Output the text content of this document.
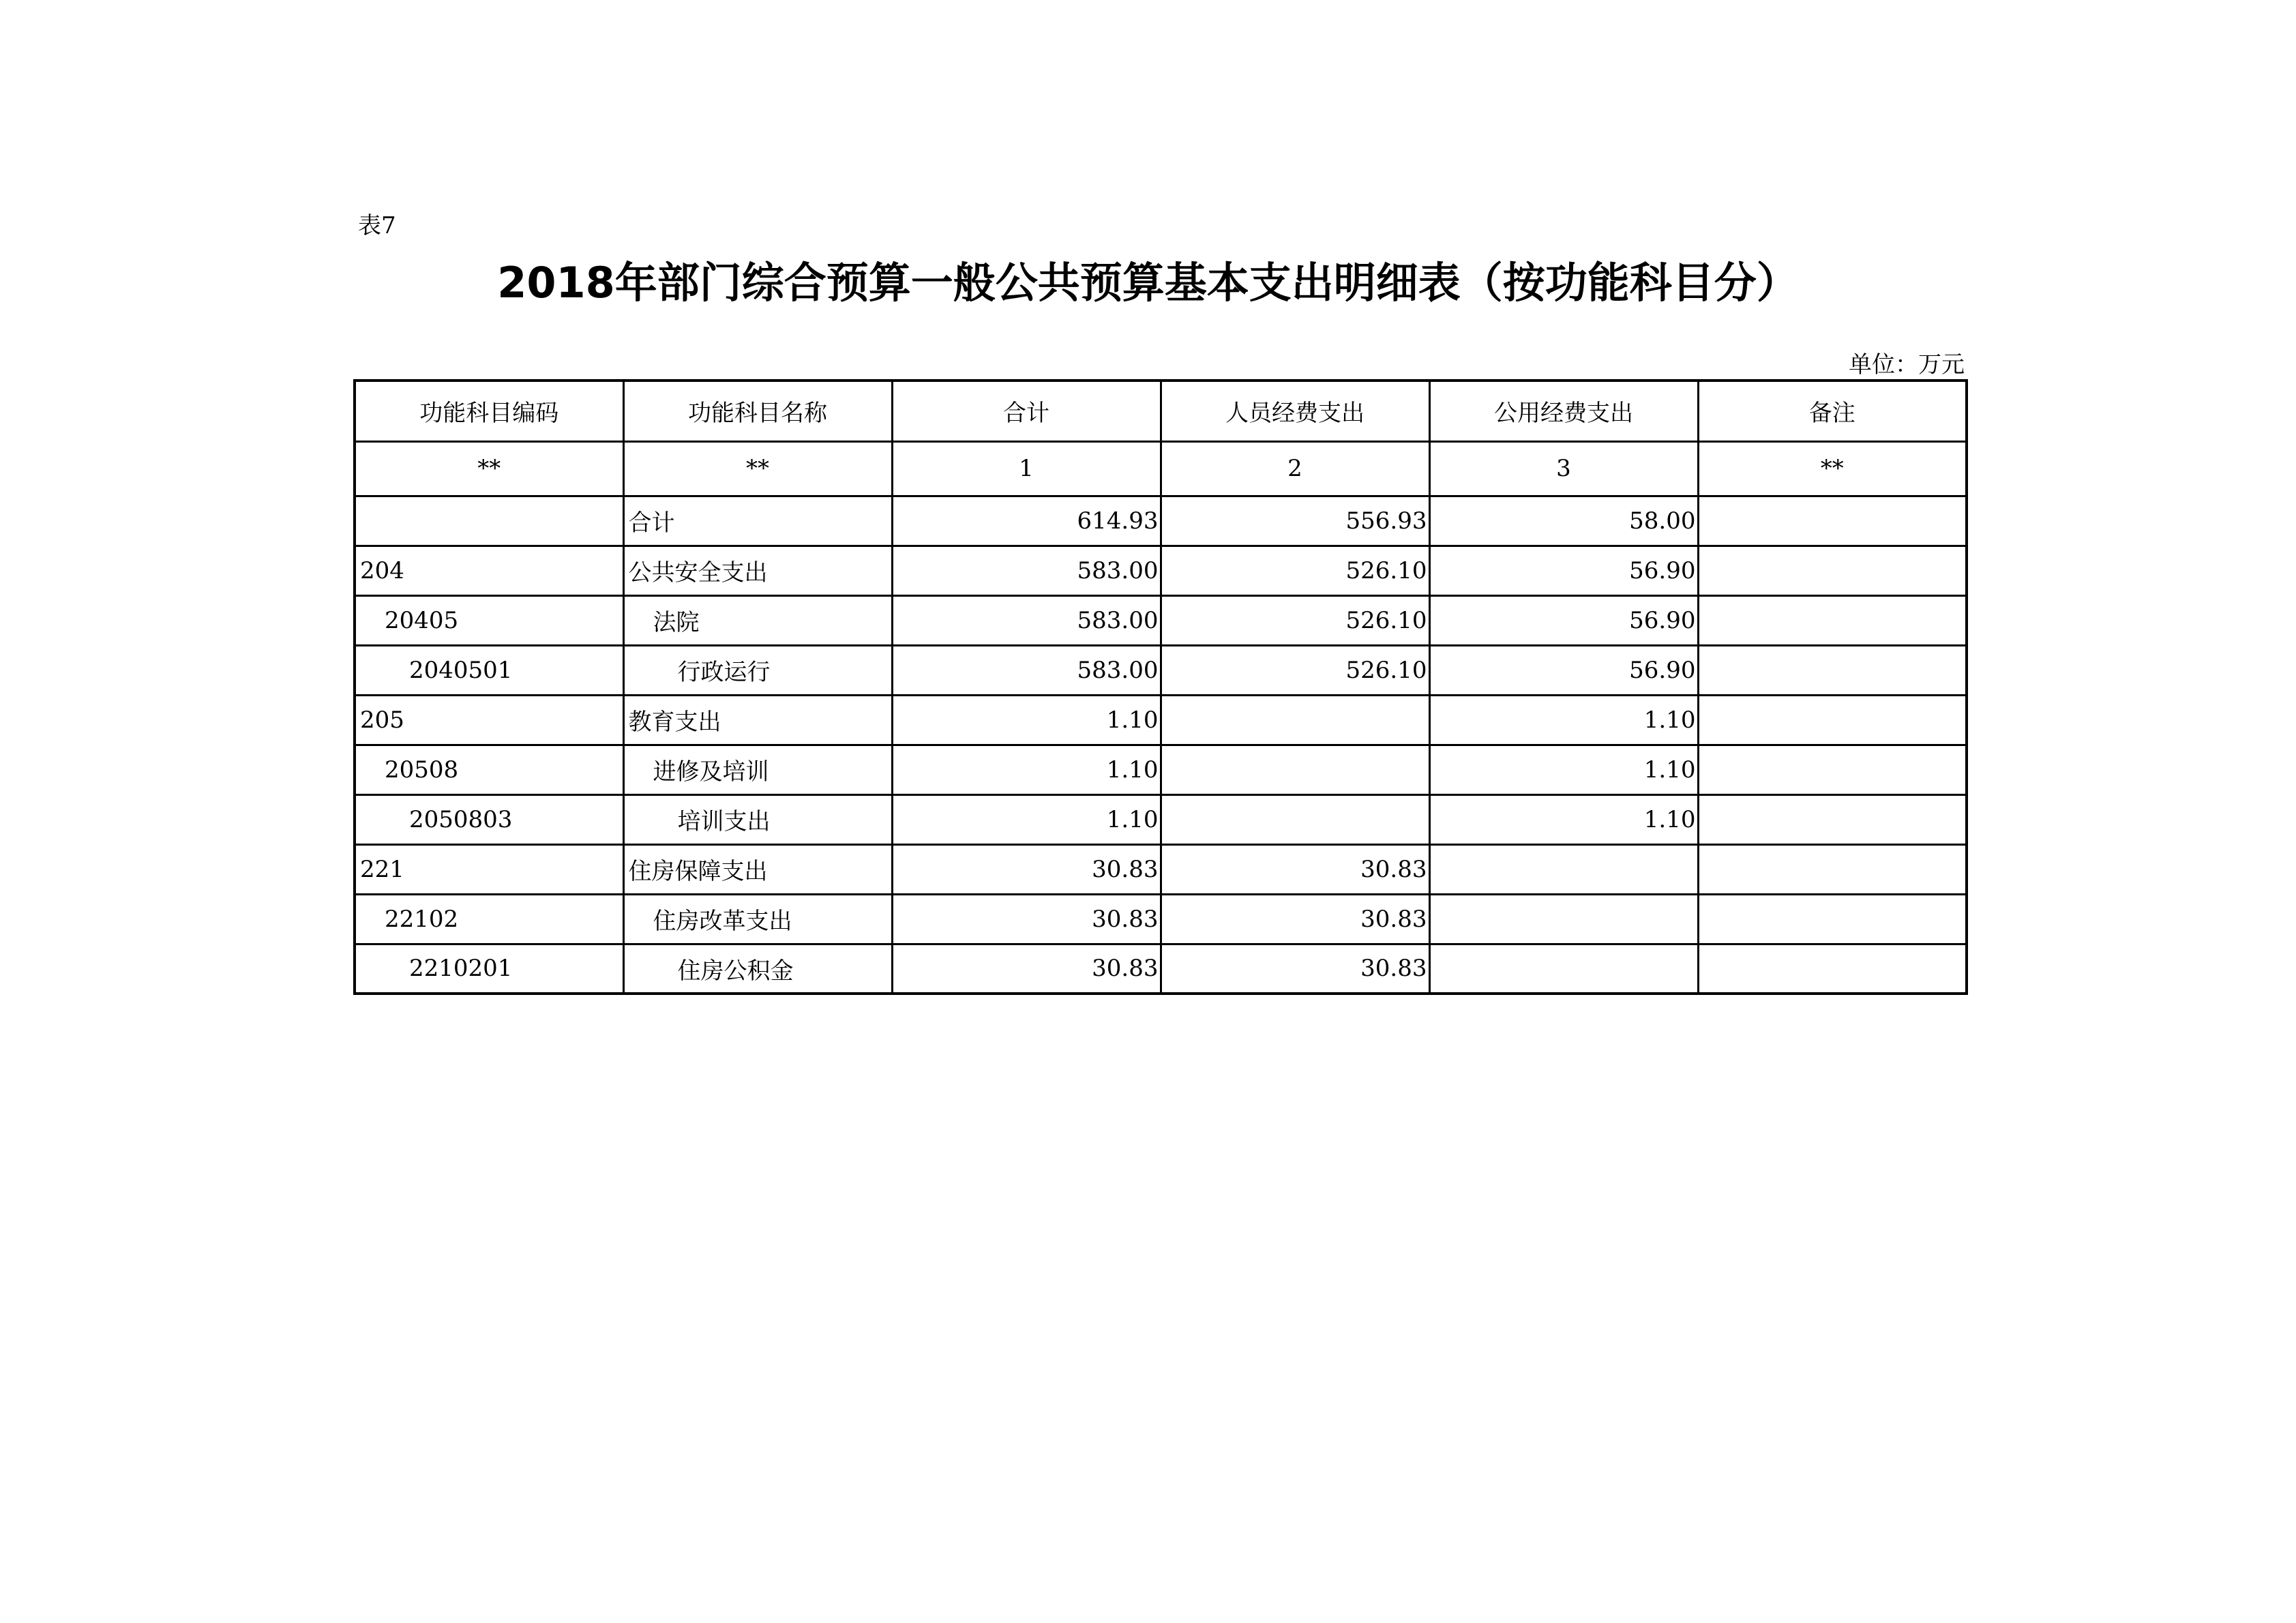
表7
2018年部门综合预算一般公共预算基本支出明细表（按功能科目分）
单位：万元
功能科目编码	功能科目名称	合计	人员经费支出	公用经费支出	备注
**	**	1	2	3	**
	合计	614.93	556.93	58.00	
204	公共安全支出	583.00	526.10	56.90	
20405	法院	583.00	526.10	56.90	
2040501	行政运行	583.00	526.10	56.90	
205	教育支出	1.10		1.10	
20508	进修及培训	1.10		1.10	
2050803	培训支出	1.10		1.10	
221	住房保障支出	30.83	30.83		
22102	住房改革支出	30.83	30.83		
2210201	住房公积金	30.83	30.83		
